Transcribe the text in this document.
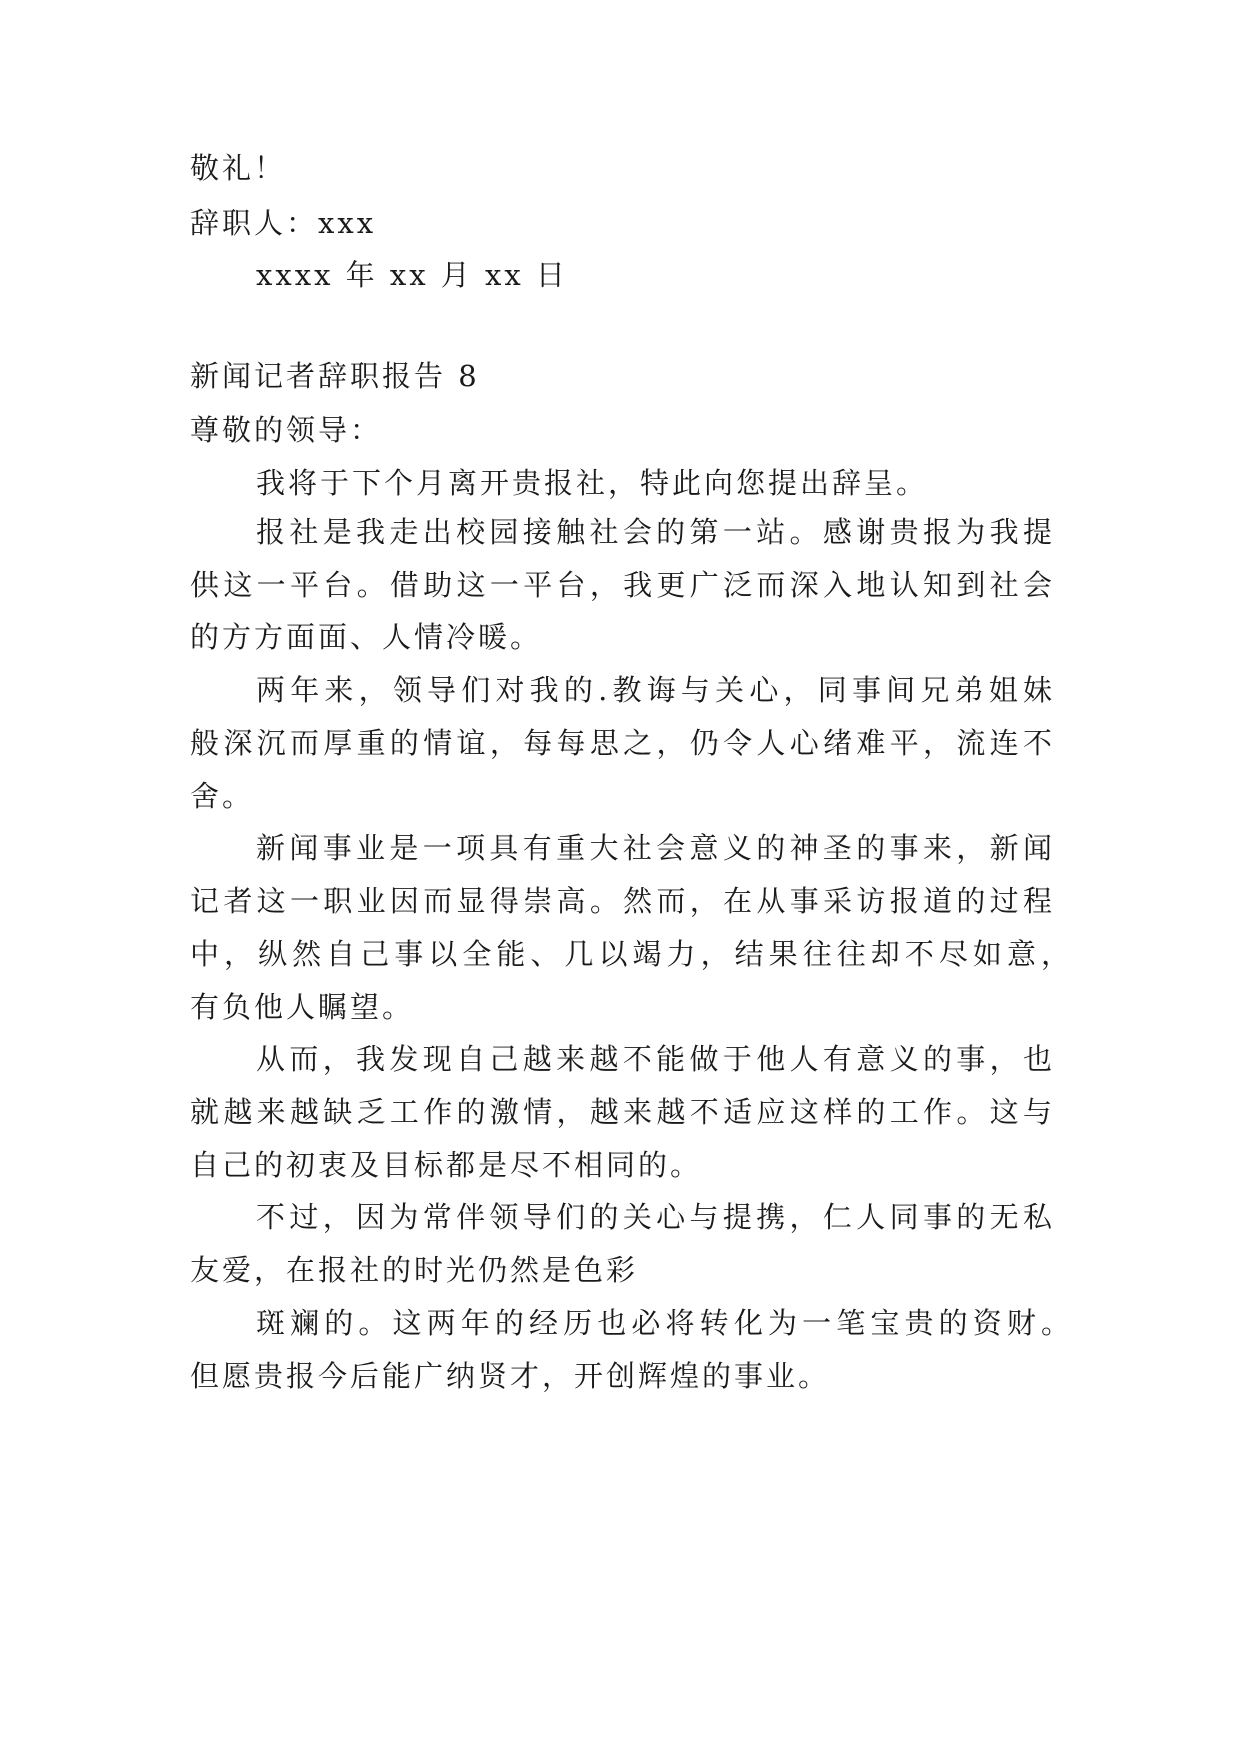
敬礼！
辞职人：xxx
xxxx 年 xx 月 xx 日
新闻记者辞职报告 8
尊敬的领导：
我将于下个月离开贵报社，特此向您提出辞呈。
报社是我走出校园接触社会的第一站。感谢贵报为我提
供这一平台。借助这一平台，我更广泛而深入地认知到社会
的方方面面、人情冷暖。
两年来，领导们对我的.教诲与关心，同事间兄弟姐妹
般深沉而厚重的情谊，每每思之，仍令人心绪难平，流连不
舍。
新闻事业是一项具有重大社会意义的神圣的事来，新闻
记者这一职业因而显得崇高。然而，在从事采访报道的过程
中，纵然自己事以全能、几以竭力，结果往往却不尽如意，
有负他人瞩望。
从而，我发现自己越来越不能做于他人有意义的事，也
就越来越缺乏工作的激情，越来越不适应这样的工作。这与
自己的初衷及目标都是尽不相同的。
不过，因为常伴领导们的关心与提携，仁人同事的无私
友爱，在报社的时光仍然是色彩
斑斓的。这两年的经历也必将转化为一笔宝贵的资财。
但愿贵报今后能广纳贤才，开创辉煌的事业。
